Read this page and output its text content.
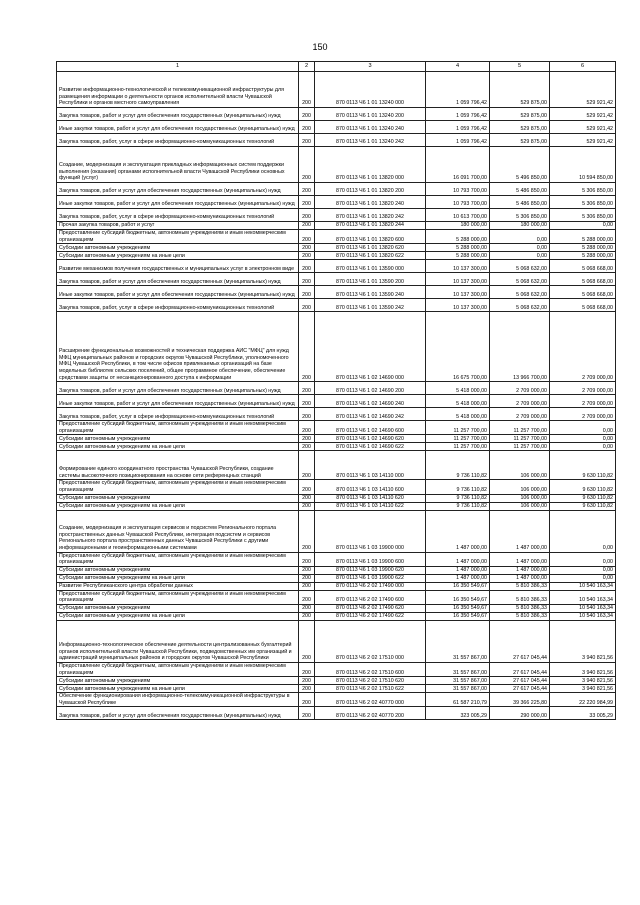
150
1	2	3	4	5	6
Развитие информационно-технологической и телекоммуникационной инфраструктуры для размещения информации о деятельности органов исполнительной власти Чувашской Республики и органов местного самоуправления	200	870 0113 Ч6 1 01 13240 000	1 059 796,42	529 875,00	529 921,42
Закупка товаров, работ и услуг для обеспечения государственных (муниципальных) нужд	200	870 0113 Ч6 1 01 13240 200	1 059 796,42	529 875,00	529 921,42
Иные закупки товаров, работ и услуг для обеспечения государственных (муниципальных) нужд	200	870 0113 Ч6 1 01 13240 240	1 059 796,42	529 875,00	529 921,42
Закупка товаров, работ, услуг в сфере информационно-коммуникационных технологий	200	870 0113 Ч6 1 01 13240 242	1 059 796,42	529 875,00	529 921,42
Создание, модернизация и эксплуатация прикладных информационных систем поддержки выполнения (оказания) органами исполнительной власти Чувашской Республики основных функций (услуг)	200	870 0113 Ч6 1 01 13820 000	16 091 700,00	5 496 850,00	10 594 850,00
Закупка товаров, работ и услуг для обеспечения государственных (муниципальных) нужд	200	870 0113 Ч6 1 01 13820 200	10 793 700,00	5 486 850,00	5 306 850,00
Иные закупки товаров, работ и услуг для обеспечения государственных (муниципальных) нужд	200	870 0113 Ч6 1 01 13820 240	10 793 700,00	5 486 850,00	5 306 850,00
Закупка товаров, работ, услуг в сфере информационно-коммуникационных технологий	200	870 0113 Ч6 1 01 13820 242	10 613 700,00	5 306 850,00	5 306 850,00
Прочая закупка товаров, работ и услуг	200	870 0113 Ч6 1 01 13820 244	180 000,00	180 000,00	0,00
Предоставление субсидий бюджетным, автономным учреждениям и иным некоммерческим организациям	200	870 0113 Ч6 1 01 13820 600	5 288 000,00	0,00	5 288 000,00
Субсидии автономным учреждениям	200	870 0113 Ч6 1 01 13820 620	5 288 000,00	0,00	5 288 000,00
Субсидии автономным учреждениям на иные цели	200	870 0113 Ч6 1 01 13820 622	5 288 000,00	0,00	5 288 000,00
Развитие механизмов получения государственных и муниципальных услуг в электронном виде	200	870 0113 Ч6 1 01 13590 000	10 137 300,00	5 068 632,00	5 068 668,00
Закупка товаров, работ и услуг для обеспечения государственных (муниципальных) нужд	200	870 0113 Ч6 1 01 13590 200	10 137 300,00	5 068 632,00	5 068 668,00
Иные закупки товаров, работ и услуг для обеспечения государственных (муниципальных) нужд	200	870 0113 Ч6 1 01 13590 240	10 137 300,00	5 068 632,00	5 068 668,00
Закупка товаров, работ, услуг в сфере информационно-коммуникационных технологий	200	870 0113 Ч6 1 01 13590 242	10 137 300,00	5 068 632,00	5 068 668,00
Расширение функциональных возможностей и техническая поддержка АИС "МФЦ" для нужд МФЦ муниципальных районов и городских округов Чувашской Республики, уполномоченного МФЦ Чувашской Республики, в том числе офисов привлекаемых организаций на базе модельных библиотек сельских поселений, общее программное обеспечение, обеспечение средствами защиты от несанкционированного доступа к информации	200	870 0113 Ч6 1 02 14690 000	16 675 700,00	13 966 700,00	2 709 000,00
Закупка товаров, работ и услуг для обеспечения государственных (муниципальных) нужд	200	870 0113 Ч6 1 02 14690 200	5 418 000,00	2 709 000,00	2 709 000,00
Иные закупки товаров, работ и услуг для обеспечения государственных (муниципальных) нужд	200	870 0113 Ч6 1 02 14690 240	5 418 000,00	2 709 000,00	2 709 000,00
Закупка товаров, работ, услуг в сфере информационно-коммуникационных технологий	200	870 0113 Ч6 1 02 14690 242	5 418 000,00	2 709 000,00	2 709 000,00
Предоставление субсидий бюджетным, автономным учреждениям и иным некоммерческим организациям	200	870 0113 Ч6 1 02 14690 600	11 257 700,00	11 257 700,00	0,00
Субсидии автономным учреждениям	200	870 0113 Ч6 1 02 14690 620	11 257 700,00	11 257 700,00	0,00
Субсидии автономным учреждениям на иные цели	200	870 0113 Ч6 1 02 14690 622	11 257 700,00	11 257 700,00	0,00
Формирование единого координатного пространства Чувашской Республики, создание системы высокоточного позиционирования на основе сети референцных станций	200	870 0113 Ч6 1 03 14110 000	9 736 110,82	106 000,00	9 630 110,82
Предоставление субсидий бюджетным, автономным учреждениям и иным некоммерческим организациям	200	870 0113 Ч6 1 03 14110 600	9 736 110,82	106 000,00	9 630 110,82
Субсидии автономным учреждениям	200	870 0113 Ч6 1 03 14110 620	9 736 110,82	106 000,00	9 630 110,82
Субсидии автономным учреждениям на иные цели	200	870 0113 Ч6 1 03 14110 622	9 736 110,82	106 000,00	9 630 110,82
Создание, модернизация и эксплуатация сервисов и подсистем Регионального портала пространственных данных Чувашской Республики, интеграция подсистем и сервисов Регионального портала пространственных данных Чувашской Республики с другими информационными и геоинформационными системами	200	870 0113 Ч6 1 03 19900 000	1 487 000,00	1 487 000,00	0,00
Предоставление субсидий бюджетным, автономным учреждениям и иным некоммерческим организациям	200	870 0113 Ч6 1 03 19900 600	1 487 000,00	1 487 000,00	0,00
Субсидии автономным учреждениям	200	870 0113 Ч6 1 03 19900 620	1 487 000,00	1 487 000,00	0,00
Субсидии автономным учреждениям на иные цели	200	870 0113 Ч6 1 03 19900 622	1 487 000,00	1 487 000,00	0,00
Развитие Республиканского центра обработки данных	200	870 0113 Ч6 2 02 17490 000	16 350 549,67	5 810 386,33	10 540 163,34
Предоставление субсидий бюджетным, автономным учреждениям и иным некоммерческим организациям	200	870 0113 Ч6 2 02 17490 600	16 350 549,67	5 810 386,33	10 540 163,34
Субсидии автономным учреждениям	200	870 0113 Ч6 2 02 17490 620	16 350 549,67	5 810 386,33	10 540 163,34
Субсидии автономным учреждениям на иные цели	200	870 0113 Ч6 2 02 17490 622	16 350 549,67	5 810 386,33	10 540 163,34
Информационно-технологическое обеспечение деятельности централизованных бухгалтерий органов исполнительной власти Чувашской Республики, подведомственных им организаций и администраций муниципальных районов и городских округов Чувашской Республики	200	870 0113 Ч6 2 02 17510 000	31 557 867,00	27 617 045,44	3 940 821,56
Предоставление субсидий бюджетным, автономным учреждениям и иным некоммерческим организациям	200	870 0113 Ч6 2 02 17510 600	31 557 867,00	27 617 045,44	3 940 821,56
Субсидии автономным учреждениям	200	870 0113 Ч6 2 02 17510 620	31 557 867,00	27 617 045,44	3 940 821,56
Субсидии автономным учреждениям на иные цели	200	870 0113 Ч6 2 02 17510 622	31 557 867,00	27 617 045,44	3 940 821,56
Обеспечение функционирования информационно-телекоммуникационной инфраструктуры в Чувашской Республике	200	870 0113 Ч6 2 02 40770 000	61 587 210,79	39 366 225,80	22 220 984,99
Закупка товаров, работ и услуг для обеспечения государственных (муниципальных) нужд	200	870 0113 Ч6 2 02 40770 200	323 005,29	290 000,00	33 005,29
